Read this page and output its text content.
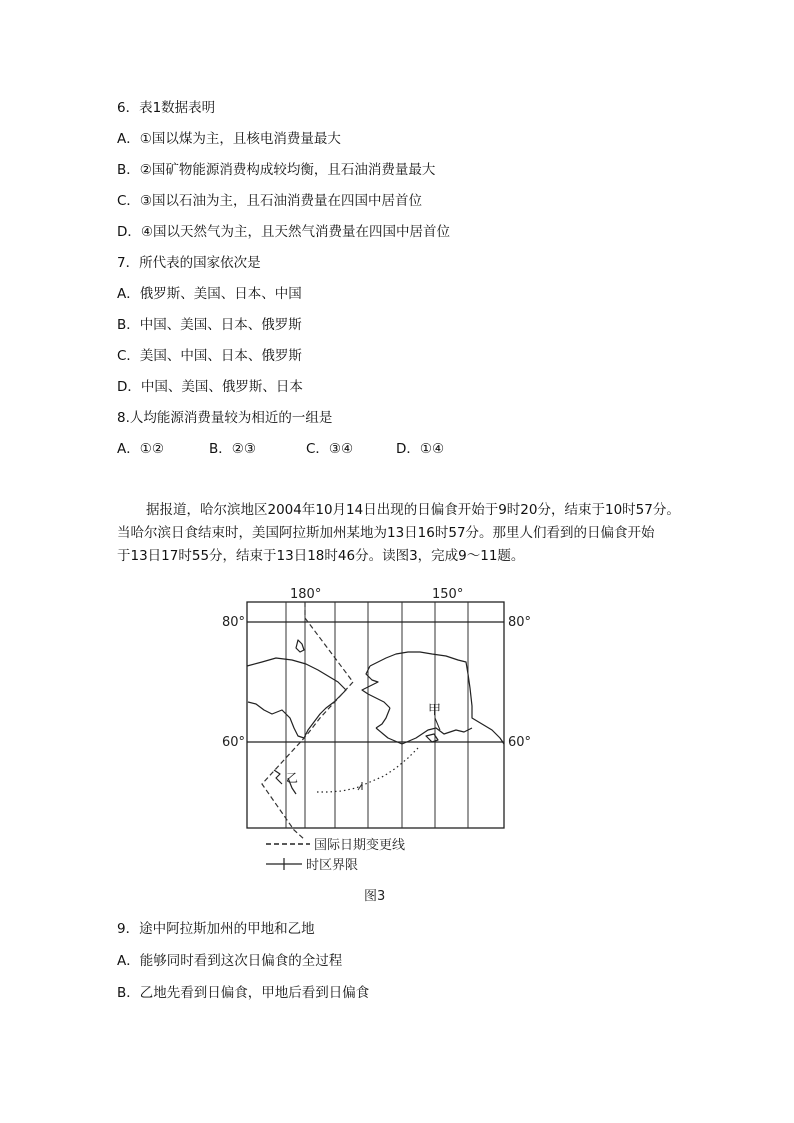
6．表1数据表明
A．①国以煤为主，且核电消费量最大
B．②国矿物能源消费构成较均衡，且石油消费量最大
C．③国以石油为主，且石油消费量在四国中居首位
D．④国以天然气为主，且天然气消费量在四国中居首位
7．所代表的国家依次是
A．俄罗斯、美国、日本、中国
B．中国、美国、日本、俄罗斯
C．美国、中国、日本、俄罗斯
D．中国、美国、俄罗斯、日本
8.人均能源消费量较为相近的一组是
A．①②	B．②③	C．③④	D．①④

据报道，哈尔滨地区2004年10月14日出现的日偏食开始于9时20分，结束于10时57分。

当哈尔滨日食结束时，美国阿拉斯加州某地为13日16时57分。那里人们看到的日偏食开始

于13日17时55分，结束于13日18时46分。读图3，完成9～11题。

180°	150°
80°	80°
60°	60°
甲
乙
国际日期变更线
时区界限
图3
9．途中阿拉斯加州的甲地和乙地
A．能够同时看到这次日偏食的全过程
B．乙地先看到日偏食，甲地后看到日偏食
